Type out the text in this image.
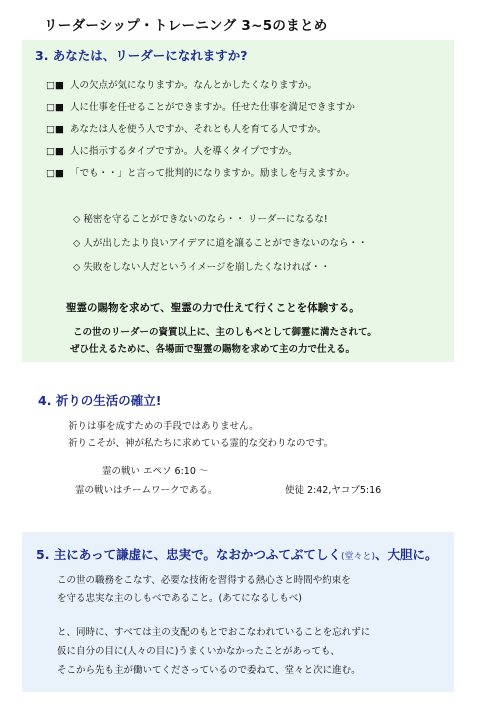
リーダーシップ・トレーニング 3~5のまとめ
3. あなたは、リーダーになれますか?
□■ 人の欠点が気になりますか。なんとかしたくなりますか。
□■ 人に仕事を任せることができますか。任せた仕事を満足できますか
□■ あなたは人を使う人ですか、それとも人を育てる人ですか。
□■ 人に指示するタイプですか。人を導くタイプですか。
□■ 「でも・・」と言って批判的になりますか。励ましを与えますか。
◇ 秘密を守ることができないのなら・・ リーダーになるな!
◇ 人が出したより良いアイデアに道を譲ることができないのなら・・
◇ 失敗をしない人だというイメージを崩したくなければ・・
聖霊の賜物を求めて、聖霊の力で仕えて行くことを体験する。
この世のリーダーの資質以上に、主のしもべとして御霊に満たされて。
ぜひ仕えるために、各場面で聖霊の賜物を求めて主の力で仕える。
4. 祈りの生活の確立!
祈りは事を成すための手段ではありません。
祈りこそが、神が私たちに求めている霊的な交わりなのです。
霊の戦い エペソ 6:10 〜
霊の戦いはチームワークである。	使徒 2:42,ヤコブ5:16
5. 主にあって謙虚に、忠実で。なおかつふてぶてしく(堂々と)、大胆に。
この世の職務をこなす、必要な技術を習得する熱心さと時間や約束を
を守る忠実な主のしもべであること。(あてになるしもべ)
と、同時に、すべては主の支配のもとでおこなわれていることを忘れずに
仮に自分の目に(人々の目に)うまくいかなかったことがあっても、
そこから先も主が働いてくださっているので委ねて、堂々と次に進む。
